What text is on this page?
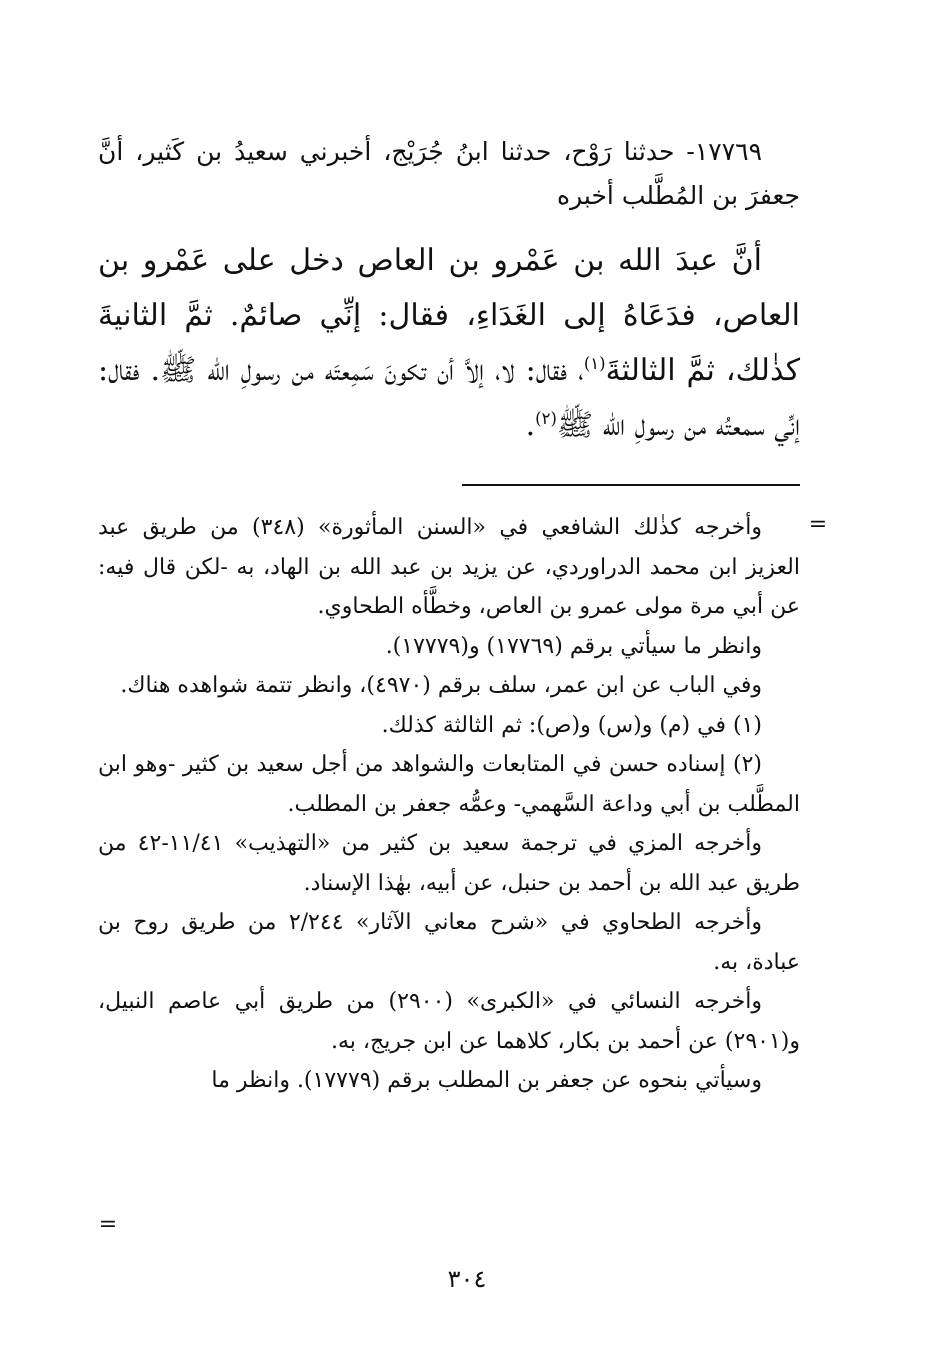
١٧٧٦٩- حدثنا رَوْح، حدثنا ابنُ جُرَيْج، أخبرني سعيدُ بن كَثير، أنَّ جعفرَ بن المُطَّلب أخبره

أنَّ عبدَ الله بن عَمْرو بن العاص دخل على عَمْرو بن العاص، فدَعَاهُ إلى الغَدَاءِ، فقال: إنِّي صائمٌ. ثمَّ الثانيةَ كذٰلك، ثمَّ الثالثةَ$^{(١)}$، فقال: لا، إلاَّ أن تكونَ سَمِعتَه من رسولِ الله ﷺ. فقال: إنِّي سمعتُه من رسولِ الله ﷺ$^{(٢)}$.

=

وأخرجه كذٰلك الشافعي في «السنن المأثورة» (٣٤٨) من طريق عبد العزيز ابن محمد الدراوردي، عن يزيد بن عبد الله بن الهاد، به -لكن قال فيه: عن أبي مرة مولى عمرو بن العاص، وخطَّأه الطحاوي.

وانظر ما سيأتي برقم (١٧٧٦٩) و(١٧٧٧٩).

وفي الباب عن ابن عمر، سلف برقم (٤٩٧٠)، وانظر تتمة شواهده هناك.

(١) في (م) و(س) و(ص): ثم الثالثة كذلك.

(٢) إسناده حسن في المتابعات والشواهد من أجل سعيد بن كثير -وهو ابن المطَّلب بن أبي وداعة السَّهمي- وعمُّه جعفر بن المطلب.

وأخرجه المزي في ترجمة سعيد بن كثير من «التهذيب» ١١/٤١-٤٢ من طريق عبد الله بن أحمد بن حنبل، عن أبيه، بهٰذا الإسناد.

وأخرجه الطحاوي في «شرح معاني الآثار» ٢/٢٤٤ من طريق روح بن عبادة، به.

وأخرجه النسائي في «الكبرى» (٢٩٠٠) من طريق أبي عاصم النبيل، و(٢٩٠١) عن أحمد بن بكار، كلاهما عن ابن جريج، به.

وسيأتي بنحوه عن جعفر بن المطلب برقم (١٧٧٧٩). وانظر ما

=
٣٠٤
